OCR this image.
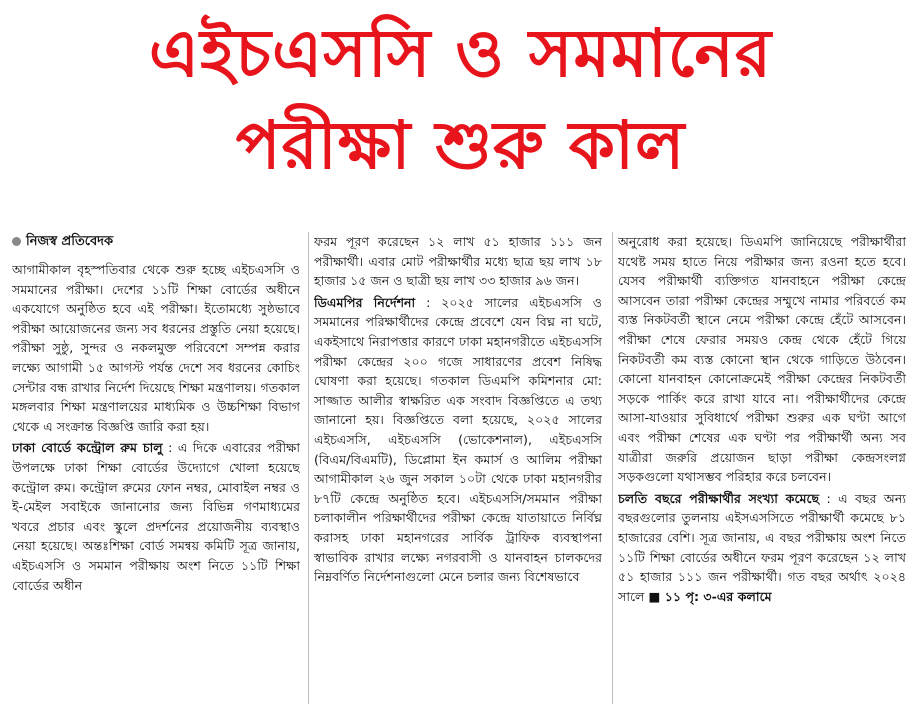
এইচএসসি ও সমমানের
পরীক্ষা শুরু কাল
নিজস্ব প্রতিবেদক

আগামীকাল বৃহস্পতিবার থেকে শুরু হচ্ছে এইচএসসি ও সমমানের পরীক্ষা। দেশের ১১টি শিক্ষা বোর্ডের অধীনে একযোগে অনুষ্ঠিত হবে এই পরীক্ষা। ইতোমধ্যে সুষ্ঠভাবে পরীক্ষা আয়োজনের জন্য সব ধরনের প্রস্তুতি নেয়া হয়েছে। পরীক্ষা সুষ্ঠু, সুন্দর ও নকলমুক্ত পরিবেশে সম্পন্ন করার লক্ষ্যে আগামী ১৫ আগস্ট পর্যন্ত দেশে সব ধরনের কোচিং সেন্টার বন্ধ রাখার নির্দেশ দিয়েছে শিক্ষা মন্ত্রণালয়। গতকাল মঙ্গলবার শিক্ষা মন্ত্রণালয়ের মাধ্যমিক ও উচ্চশিক্ষা বিভাগ থেকে এ সংক্রান্ত বিজ্ঞপ্তি জারি করা হয়।

ঢাকা বোর্ডে কন্ট্রোল রুম চালু : এ দিকে এবারের পরীক্ষা উপলক্ষে ঢাকা শিক্ষা বোর্ডের উদ্যোগে খোলা হয়েছে কন্ট্রোল রুম। কন্ট্রোল রুমের ফোন নম্বর, মোবাইল নম্বর ও ই-মেইল সবাইকে জানানোর জন্য বিভিন্ন গণমাধ্যমের খবরে প্রচার এবং স্কুলে প্রদর্শনের প্রয়োজনীয় ব্যবস্থাও নেয়া হয়েছে। অন্তঃশিক্ষা বোর্ড সমন্বয় কমিটি সূত্র জানায়, এইচএসসি ও সমমান পরীক্ষায় অংশ নিতে ১১টি শিক্ষা বোর্ডের অধীন

ফরম পূরণ করেছেন ১২ লাখ ৫১ হাজার ১১১ জন পরীক্ষার্থী। এবার মোট পরীক্ষার্থীর মধ্যে ছাত্র ছয় লাখ ১৮ হাজার ১৫ জন ও ছাত্রী ছয় লাখ ৩৩ হাজার ৯৬ জন।

ডিএমপির নির্দেশনা : ২০২৫ সালের এইচএসসি ও সমমানের পরিক্ষার্থীদের কেন্দ্রে প্রবেশে যেন বিঘ্ন না ঘটে, একইসাথে নিরাপত্তার কারণে ঢাকা মহানগরীতে এইচএসসি পরীক্ষা কেন্দ্রের ২০০ গজে সাধারণের প্রবেশ নিষিদ্ধ ঘোষণা করা হয়েছে। গতকাল ডিএমপি কমিশনার মো: সাজ্জাত আলীর স্বাক্ষরিত এক সংবাদ বিজ্ঞপ্তিতে এ তথ্য জানানো হয়। বিজ্ঞপ্তিতে বলা হয়েছে, ২০২৫ সালের এইচএসসি, এইচএসসি (ভোকেশনাল), এইচএসসি (বিএম/বিএমটি), ডিপ্লোমা ইন কমার্স ও আলিম পরীক্ষা আগামীকাল ২৬ জুন সকাল ১০টা থেকে ঢাকা মহানগরীর ৮৭টি কেন্দ্রে অনুষ্ঠিত হবে। এইচএসসি/সমমান পরীক্ষা চলাকালীন পরিক্ষার্থীদের পরীক্ষা কেন্দ্রে যাতায়াতে নির্বিঘ্ন করাসহ ঢাকা মহানগরের সার্বিক ট্রাফিক ব্যবস্থাপনা স্বাভাবিক রাখার লক্ষ্যে নগরবাসী ও যানবাহন চালকদের নিম্নবর্ণিত নির্দেশনাগুলো মেনে চলার জন্য বিশেষভাবে

অনুরোধ করা হয়েছে। ডিএমপি জানিয়েছে পরীক্ষার্থীরা যথেষ্ট সময় হাতে নিয়ে পরীক্ষার জন্য রওনা হতে হবে। যেসব পরীক্ষার্থী ব্যক্তিগত যানবাহনে পরীক্ষা কেন্দ্রে আসবেন তারা পরীক্ষা কেন্দ্রের সম্মুখে নামার পরিবর্তে কম ব্যস্ত নিকটবর্তী স্থানে নেমে পরীক্ষা কেন্দ্রে হেঁটে আসবেন। পরীক্ষা শেষে ফেরার সময়ও কেন্দ্র থেকে হেঁটে গিয়ে নিকটবর্তী কম ব্যস্ত কোনো স্থান থেকে গাড়িতে উঠবেন। কোনো যানবাহন কোনোক্রমেই পরীক্ষা কেন্দ্রের নিকটবর্তী সড়কে পার্কিং করে রাখা যাবে না। পরীক্ষার্থীদের কেন্দ্রে আসা-যাওয়ার সুবিধার্থে পরীক্ষা শুরুর এক ঘণ্টা আগে এবং পরীক্ষা শেষের এক ঘণ্টা পর পরীক্ষার্থী অন্য সব যাত্রীরা জরুরি প্রয়োজন ছাড়া পরীক্ষা কেন্দ্রসংলগ্ন সড়কগুলো যথাসম্ভব পরিহার করে চলবেন।

চলতি বছরে পরীক্ষার্থীর সংখ্যা কমেছে : এ বছর অন্য বছরগুলোর তুলনায় এইসএসসিতে পরীক্ষার্থী কমেছে ৮১ হাজারের বেশি। সূত্র জানায়, এ বছর পরীক্ষায় অংশ নিতে ১১টি শিক্ষা বোর্ডের অধীনে ফরম পূরণ করেছেন ১২ লাখ ৫১ হাজার ১১১ জন পরীক্ষার্থী। গত বছর অর্থাৎ ২০২৪ সালে ■ ১১ পৃ: ৩-এর কলামে
